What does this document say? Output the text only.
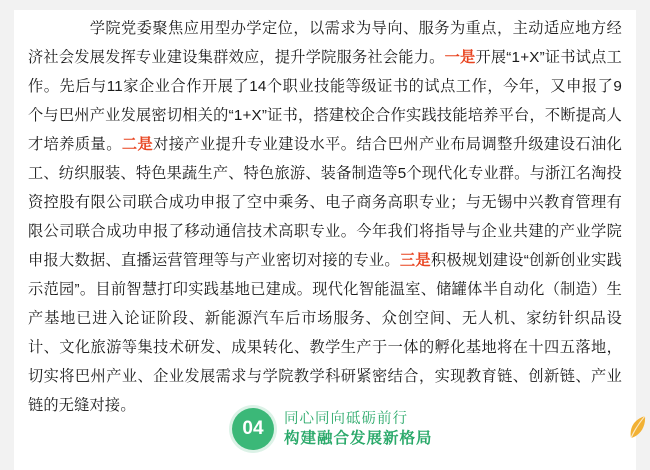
　　学院党委聚焦应用型办学定位，以需求为导向、服务为重点，主动适应地方经济社会发展发挥专业建设集群效应，提升学院服务社会能力。一是开展“1+X”证书试点工作。先后与11家企业合作开展了14个职业技能等级证书的试点工作，今年，又申报了9个与巴州产业发展密切相关的“1+X”证书，搭建校企合作实践技能培养平台，不断提高人才培养质量。二是对接产业提升专业建设水平。结合巴州产业布局调整升级建设石油化工、纺织服装、特色果蔬生产、特色旅游、装备制造等5个现代化专业群。与浙江名淘投资控股有限公司联合成功申报了空中乘务、电子商务高职专业；与无锡中兴教育管理有限公司联合成功申报了移动通信技术高职专业。今年我们将指导与企业共建的产业学院申报大数据、直播运营管理等与产业密切对接的专业。三是积极规划建设“创新创业实践示范园”。目前智慧打印实践基地已建成。现代化智能温室、储罐体半自动化（制造）生产基地已进入论证阶段、新能源汽车后市场服务、众创空间、无人机、家纺针织品设计、文化旅游等集技术研发、成果转化、教学生产于一体的孵化基地将在十四五落地，切实将巴州产业、企业发展需求与学院教学科研紧密结合，实现教育链、创新链、产业链的无缝对接。

04	同心同向砥砺前行
构建融合发展新格局
